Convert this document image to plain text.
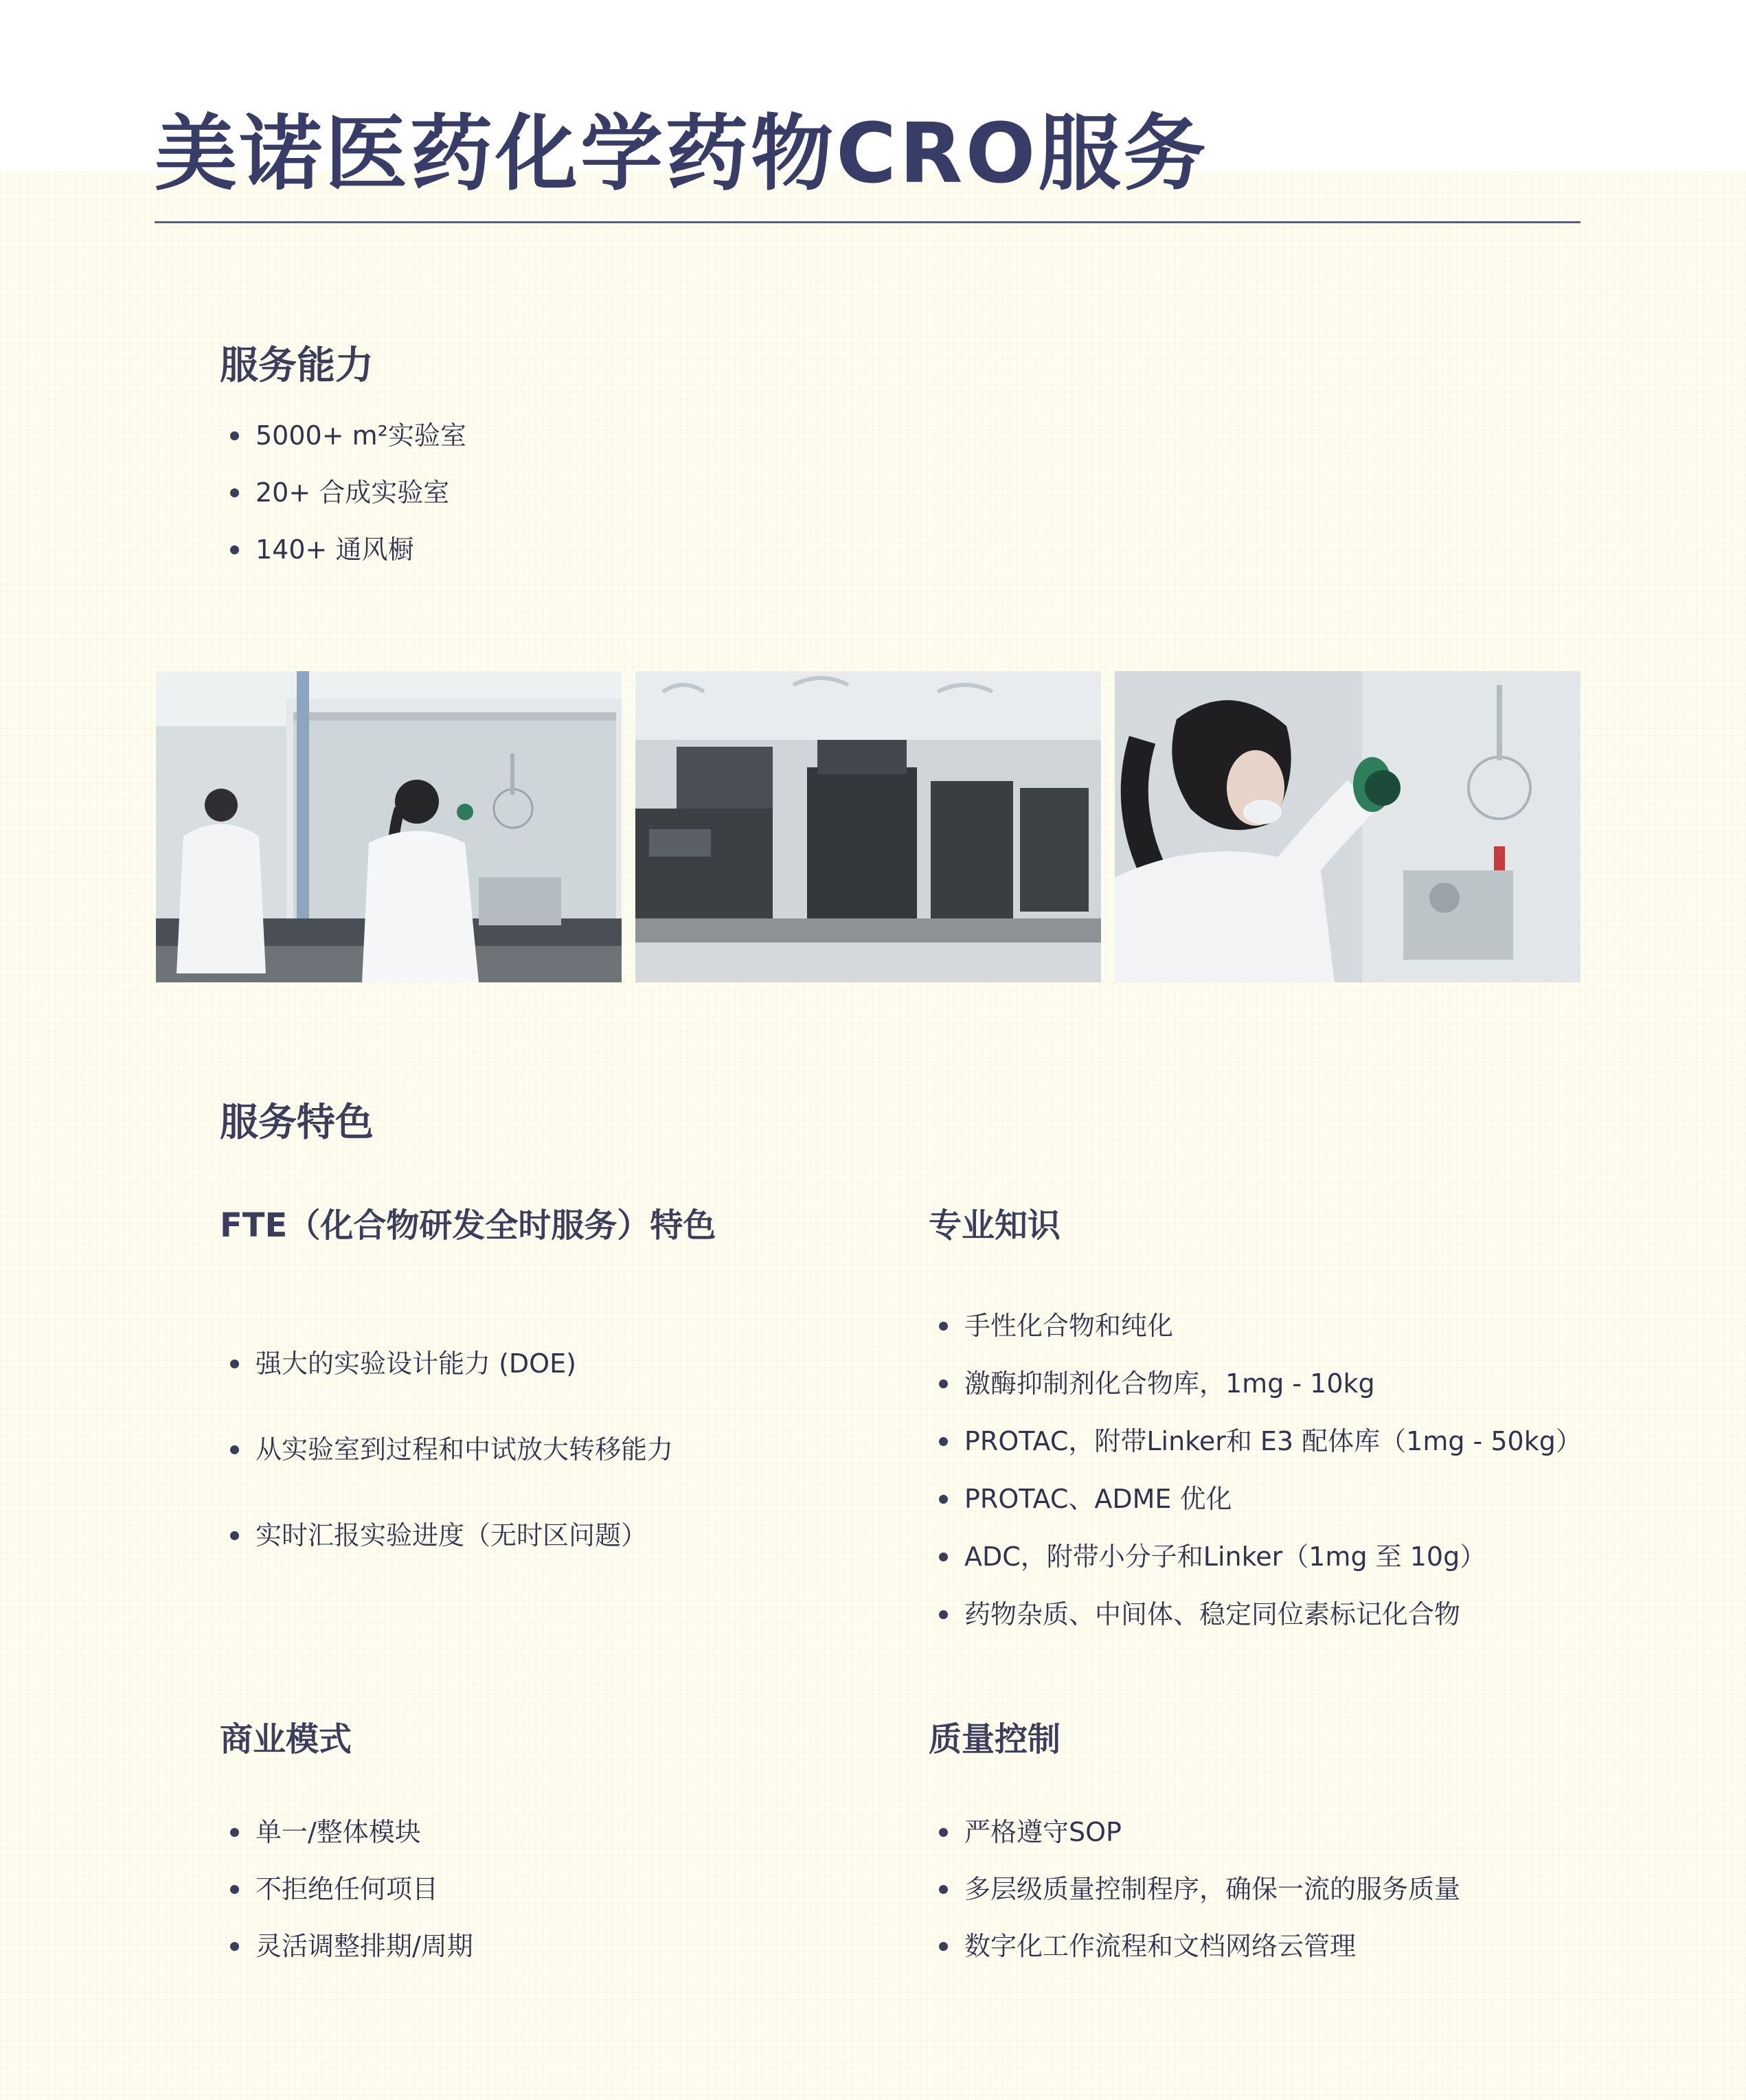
美诺医药化学药物CRO服务
服务能力
5000+ m²实验室
20+ 合成实验室
140+ 通风橱
服务特色
FTE（化合物研发全时服务）特色
强大的实验设计能力 (DOE)
从实验室到过程和中试放大转移能力
实时汇报实验进度（无时区问题）
专业知识
手性化合物和纯化
激酶抑制剂化合物库，1mg - 10kg
PROTAC，附带Linker和 E3 配体库（1mg - 50kg）
PROTAC、ADME 优化
ADC，附带小分子和Linker（1mg 至 10g）
药物杂质、中间体、稳定同位素标记化合物
商业模式
单一/整体模块
不拒绝任何项目
灵活调整排期/周期
质量控制
严格遵守SOP
多层级质量控制程序，确保一流的服务质量
数字化工作流程和文档网络云管理
